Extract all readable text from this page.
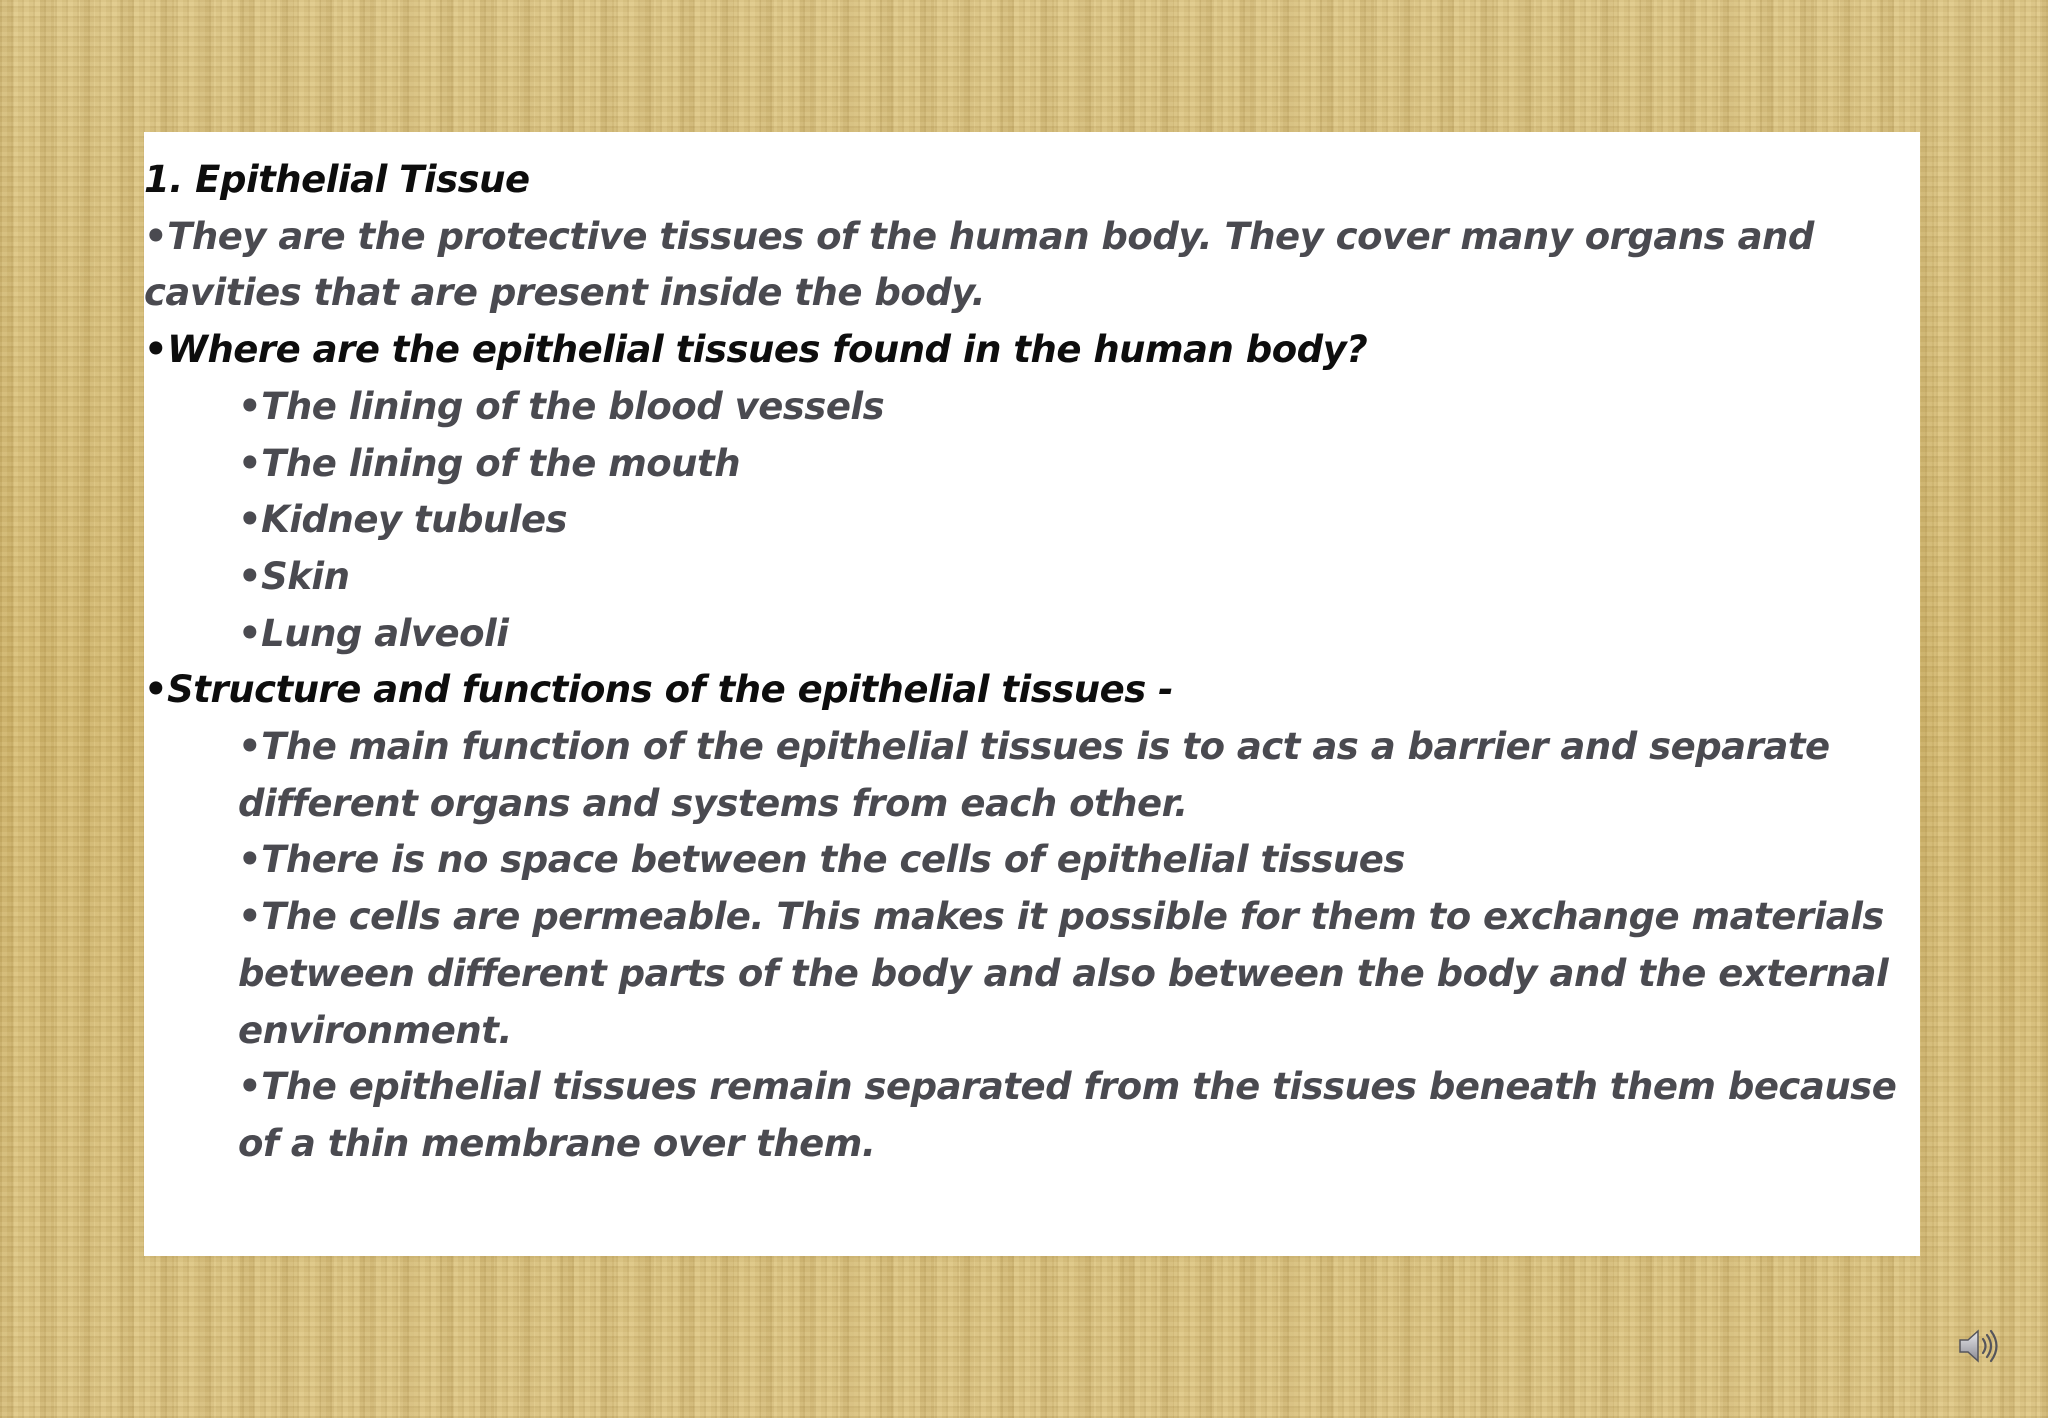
1. Epithelial Tissue

•They are the protective tissues of the human body. They cover many organs and cavities that are present inside the body.

•Where are the epithelial tissues found in the human body?

•The lining of the blood vessels

•The lining of the mouth

•Kidney tubules

•Skin

•Lung alveoli

•Structure and functions of the epithelial tissues -

•The main function of the epithelial tissues is to act as a barrier and separate different organs and systems from each other.

•There is no space between the cells of epithelial tissues

•The cells are permeable. This makes it possible for them to exchange materials between different parts of the body and also between the body and the external environment.

•The epithelial tissues remain separated from the tissues beneath them because of a thin membrane over them.
